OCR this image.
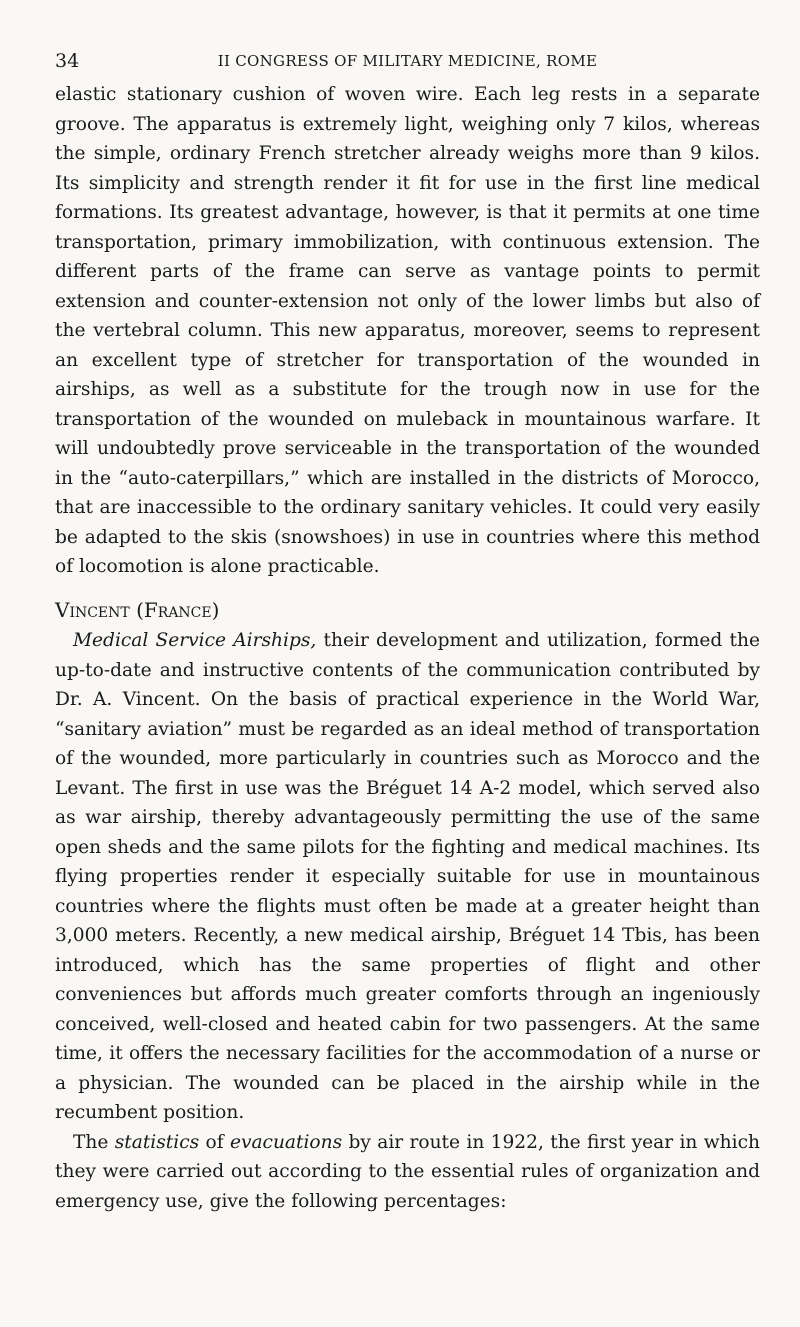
34	II CONGRESS OF MILITARY MEDICINE, ROME

elastic stationary cushion of woven wire. Each leg rests in a separate groove. The apparatus is extremely light, weighing only 7 kilos, whereas the simple, ordinary French stretcher already weighs more than 9 kilos. Its simplicity and strength render it fit for use in the first line medical formations. Its greatest advantage, however, is that it permits at one time transportation, primary immobilization, with continuous extension. The different parts of the frame can serve as vantage points to permit extension and counter-extension not only of the lower limbs but also of the vertebral column. This new apparatus, moreover, seems to represent an excellent type of stretcher for transportation of the wounded in airships, as well as a substitute for the trough now in use for the transportation of the wounded on muleback in mountainous warfare. It will undoubtedly prove serviceable in the transportation of the wounded in the “auto-caterpillars,” which are installed in the districts of Morocco, that are inaccessible to the ordinary sanitary vehicles. It could very easily be adapted to the skis (snowshoes) in use in countries where this method of locomotion is alone practicable.

Vincent (France)

Medical Service Airships, their development and utilization, formed the up-to-date and instructive contents of the communication contributed by Dr. A. Vincent. On the basis of practical experience in the World War, “sanitary aviation” must be regarded as an ideal method of transportation of the wounded, more particularly in countries such as Morocco and the Levant. The first in use was the Bréguet 14 A-2 model, which served also as war airship, thereby advantageously permitting the use of the same open sheds and the same pilots for the fighting and medical machines. Its flying properties render it especially suitable for use in mountainous countries where the flights must often be made at a greater height than 3,000 meters. Recently, a new medical airship, Bréguet 14 Tbis, has been introduced, which has the same properties of flight and other conveniences but affords much greater comforts through an ingeniously conceived, well-closed and heated cabin for two passengers. At the same time, it offers the necessary facilities for the accommodation of a nurse or a physician. The wounded can be placed in the airship while in the recumbent position.

The statistics of evacuations by air route in 1922, the first year in which they were carried out according to the essential rules of organization and emergency use, give the following percentages:
